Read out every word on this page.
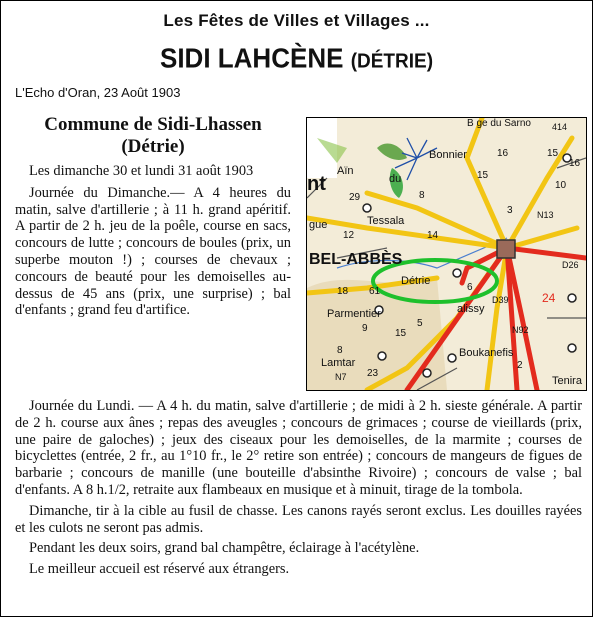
Les Fêtes de Villes et Villages ...
SIDI LAHCÈNE (DÉTRIE)
L'Echo d'Oran, 23 Août 1903
Commune de Sidi-Lhassen
(Détrie)

Les dimanche 30 et lundi 31 août 1903

Journée du Dimanche.— A 4 heures du matin, salve d'artillerie ; à 11 h. grand apéritif. A partir de 2 h. jeu de la poêle, course en sacs, concours de lutte ; concours de boules (prix, un superbe mouton !) ; courses de chevaux ; concours de beauté pour les demoiselles au-dessus de 45 ans (prix, une surprise) ; bal d'enfants ; grand feu d'artifice.

B ge du Sarno
Bonnier
Tessala
BEL-ABBÈS
Détrie
Parmentier
Lamtar
Boukanefis
Tenira
alissy
nt
gue
du
Aïn
N13
N7
N92
D39
D26
414
16	15
29
12
18	6
61	24
8
5
9	15
10
14
15
3
8
23
16
2

Journée du Lundi. — A 4 h. du matin, salve d'artillerie ; de midi à 2 h. sieste générale. A partir de 2 h. course aux ânes ; repas des aveugles ; concours de grimaces ; course de vieillards (prix, une paire de galoches) ; jeux des ciseaux pour les demoiselles, de la marmite ; courses de bicyclettes (entrée, 2 fr., au 1°10 fr., le 2° retire son entrée) ; concours de mangeurs de figues de barbarie ; concours de manille (une bouteille d'absinthe Rivoire) ; concours de valse ; bal d'enfants. A 8 h.1/2, retraite aux flambeaux en musique et à minuit, tirage de la tombola.

Dimanche, tir à la cible au fusil de chasse. Les canons rayés seront exclus. Les douilles rayées et les culots ne seront pas admis.

Pendant les deux soirs, grand bal champêtre, éclairage à l'acétylène.

Le meilleur accueil est réservé aux étrangers.
